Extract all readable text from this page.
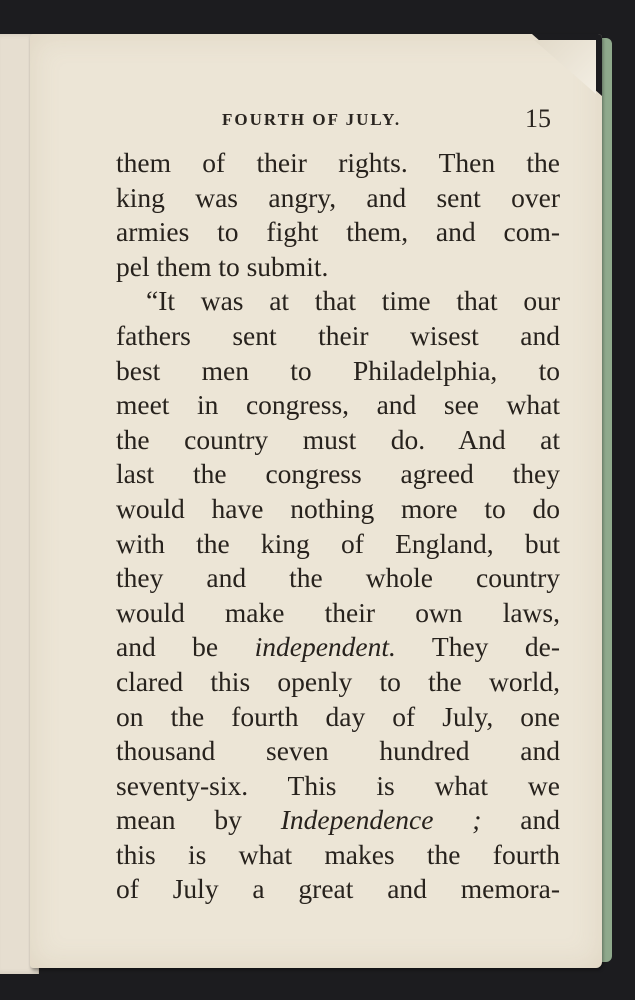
FOURTH OF JULY.	15
them of their rights. Then the
king was angry, and sent over
armies to fight them, and com-
pel them to submit.
“It was at that time that our
fathers sent their wisest and
best men to Philadelphia, to
meet in congress, and see what
the country must do. And at
last the congress agreed they
would have nothing more to do
with the king of England, but
they and the whole country
would make their own laws,
and be independent. They de-
clared this openly to the world,
on the fourth day of July, one
thousand seven hundred and
seventy-six. This is what we
mean by Independence ; and
this is what makes the fourth
of July a great and memora-
